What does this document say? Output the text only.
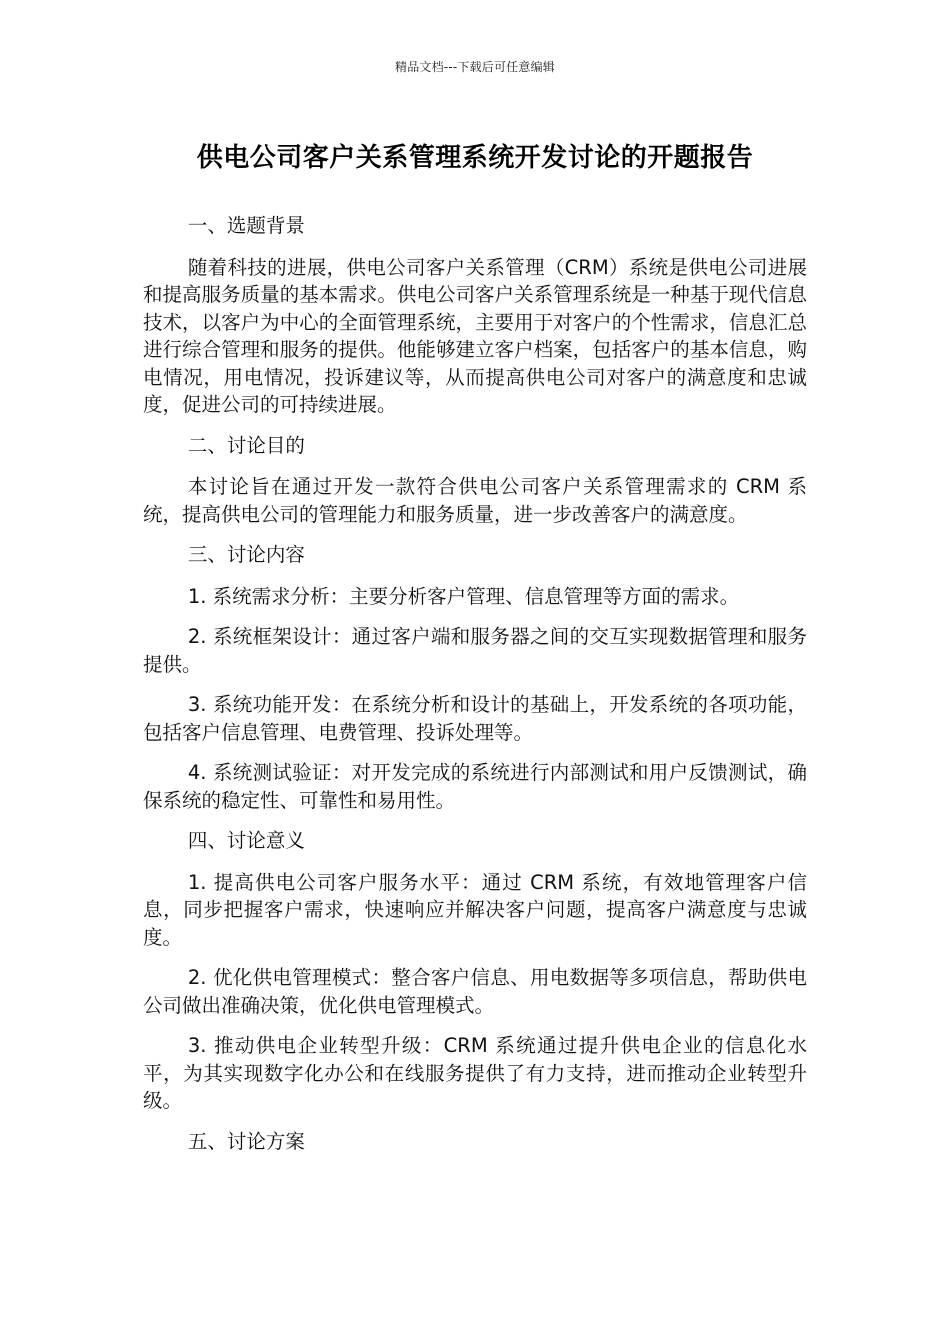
精品文档---下载后可任意编辑
供电公司客户关系管理系统开发讨论的开题报告

一、选题背景

随着科技的进展，供电公司客户关系管理（CRM）系统是供电公司进展和提高服务质量的基本需求。供电公司客户关系管理系统是一种基于现代信息技术，以客户为中心的全面管理系统，主要用于对客户的个性需求，信息汇总进行综合管理和服务的提供。他能够建立客户档案，包括客户的基本信息，购电情况，用电情况，投诉建议等，从而提高供电公司对客户的满意度和忠诚度，促进公司的可持续进展。

二、讨论目的

本讨论旨在通过开发一款符合供电公司客户关系管理需求的 CRM 系统，提高供电公司的管理能力和服务质量，进一步改善客户的满意度。

三、讨论内容

1. 系统需求分析：主要分析客户管理、信息管理等方面的需求。

2. 系统框架设计：通过客户端和服务器之间的交互实现数据管理和服务提供。

3. 系统功能开发：在系统分析和设计的基础上，开发系统的各项功能，包括客户信息管理、电费管理、投诉处理等。

4. 系统测试验证：对开发完成的系统进行内部测试和用户反馈测试，确保系统的稳定性、可靠性和易用性。

四、讨论意义

1. 提高供电公司客户服务水平：通过 CRM 系统，有效地管理客户信息，同步把握客户需求，快速响应并解决客户问题，提高客户满意度与忠诚度。

2. 优化供电管理模式：整合客户信息、用电数据等多项信息，帮助供电公司做出准确决策，优化供电管理模式。

3. 推动供电企业转型升级：CRM 系统通过提升供电企业的信息化水平，为其实现数字化办公和在线服务提供了有力支持，进而推动企业转型升级。

五、讨论方案
